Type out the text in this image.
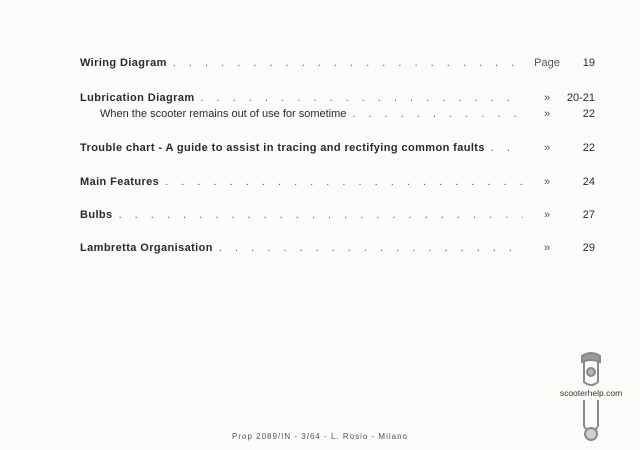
Wiring Diagram . . .	Page	19
Lubrication Diagram . . .	»	20-21
When the scooter remains out of use for sometime . . .	»	22
Trouble chart - A guide to assist in tracing and rectifying common faults . . .	»	22
Main Features . . .	»	24
Bulbs . . .	»	27
Lambretta Organisation . . .	»	29
Prop 2089/IN - 3/64 - L. Rosio - Milano
scooterhelp.com
